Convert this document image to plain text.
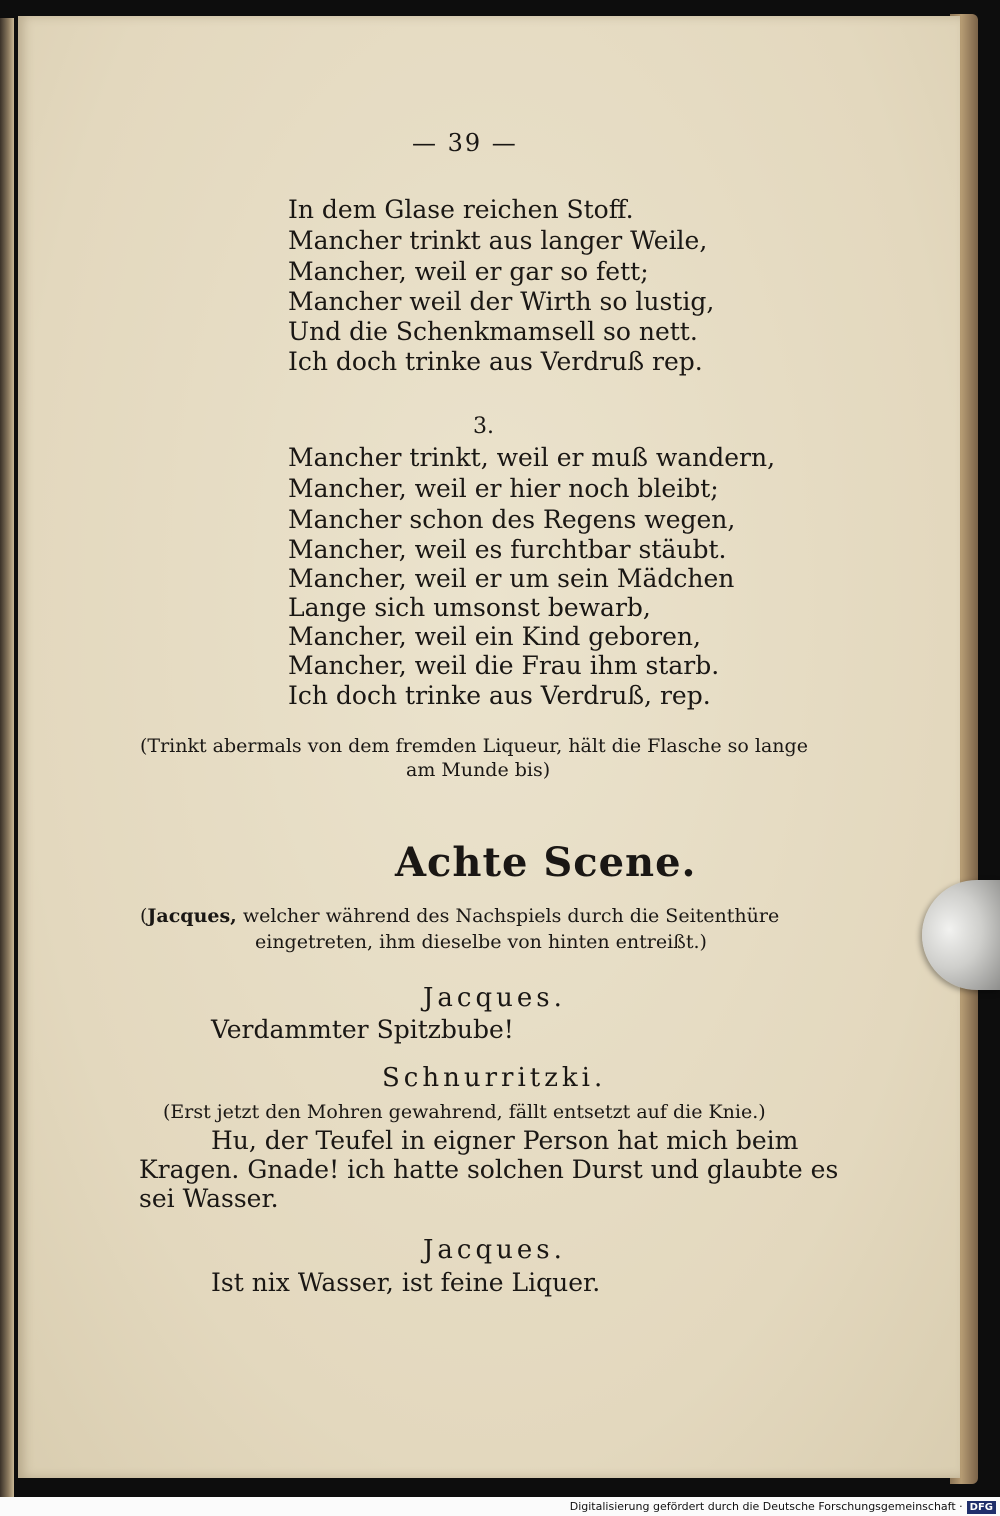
— 39 —
In dem Glase reichen Stoff.
Mancher trinkt aus langer Weile,
Mancher, weil er gar so fett;
Mancher weil der Wirth so lustig,
Und die Schenkmamsell so nett.
Ich doch trinke aus Verdruß rep.
3.
Mancher trinkt, weil er muß wandern,
Mancher, weil er hier noch bleibt;
Mancher schon des Regens wegen,
Mancher, weil es furchtbar stäubt.
Mancher, weil er um sein Mädchen
Lange sich umsonst bewarb,
Mancher, weil ein Kind geboren,
Mancher, weil die Frau ihm starb.
Ich doch trinke aus Verdruß, rep.
(Trinkt abermals von dem fremden Liqueur, hält die Flasche so lange
am Munde bis)
Achte Scene.
(Jacques, welcher während des Nachspiels durch die Seitenthüre
eingetreten, ihm dieselbe von hinten entreißt.)
Jacques.
Verdammter Spitzbube!
Schnurritzki.
(Erst jetzt den Mohren gewahrend, fällt entsetzt auf die Knie.)
Hu, der Teufel in eigner Person hat mich beim
Kragen. Gnade! ich hatte solchen Durst und glaubte es
sei Wasser.
Jacques.
Ist nix Wasser, ist feine Liquer.
Digitalisierung gefördert durch die Deutsche Forschungsgemeinschaft · DFG
